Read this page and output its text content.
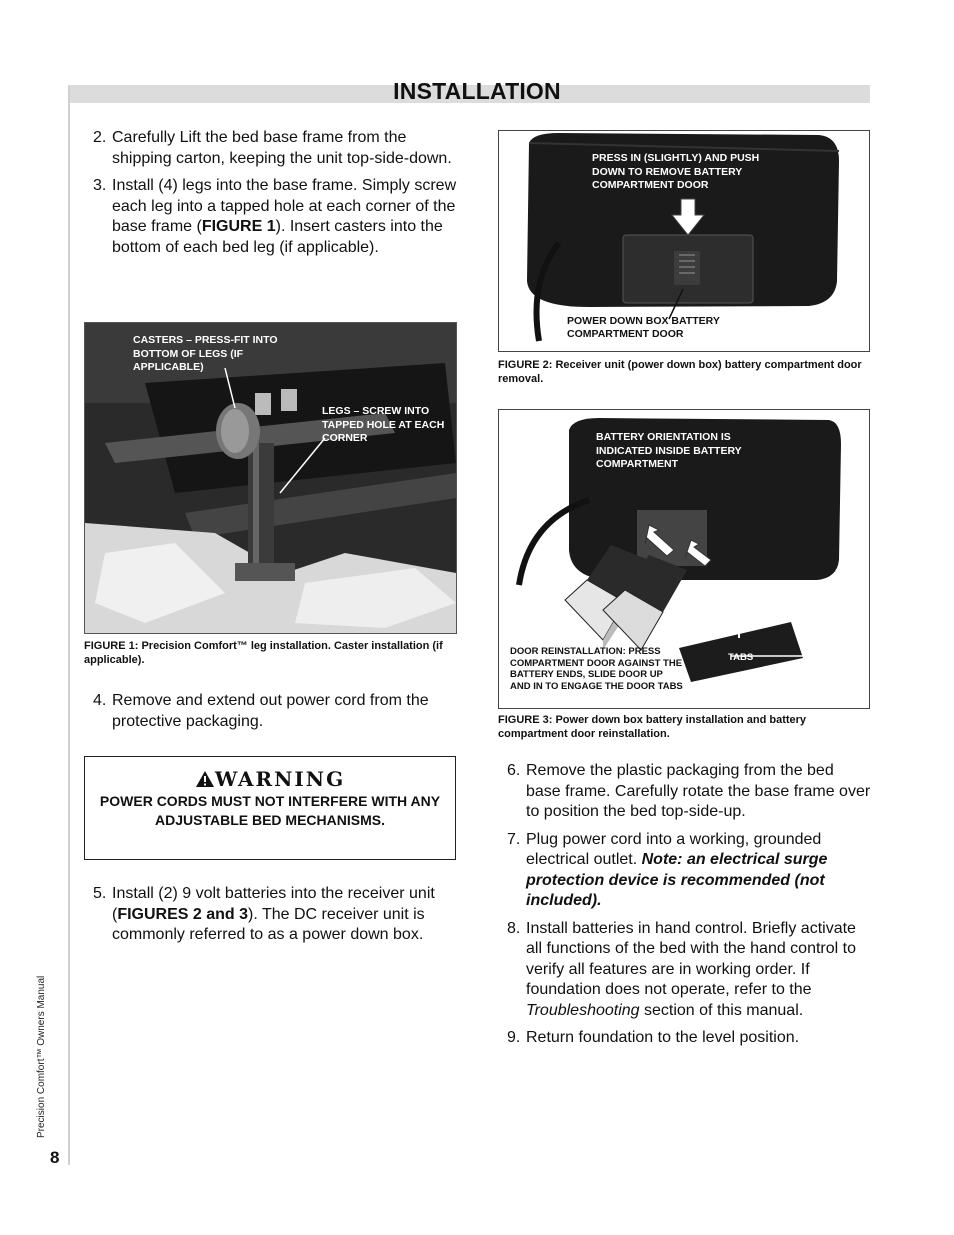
INSTALLATION
2. Carefully Lift the bed base frame from the shipping carton, keeping the unit top-side-down.
3. Install (4) legs into the base frame. Simply screw each leg into a tapped hole at each corner of the base frame (FIGURE 1). Insert casters into the bottom of each bed leg (if applicable).
CASTERS – PRESS-FIT INTO BOTTOM OF LEGS (IF APPLICABLE)
LEGS – SCREW INTO TAPPED HOLE AT EACH CORNER
FIGURE 1: Precision Comfort™ leg installation. Caster installation (if applicable).
4. Remove and extend out power cord from the protective packaging.
WARNING
POWER CORDS MUST NOT INTERFERE WITH ANY ADJUSTABLE BED MECHANISMS.
5. Install (2) 9 volt batteries into the receiver unit (FIGURES 2 and 3). The DC receiver unit is commonly referred to as a power down box.
PRESS IN (SLIGHTLY) AND PUSH DOWN TO REMOVE BATTERY COMPARTMENT DOOR
POWER DOWN BOX BATTERY COMPARTMENT DOOR
FIGURE 2: Receiver unit (power down box) battery compartment door removal.
BATTERY ORIENTATION IS INDICATED INSIDE BATTERY COMPARTMENT
DOOR REINSTALLATION: PRESS COMPARTMENT DOOR AGAINST THE BATTERY ENDS, SLIDE DOOR UP AND IN TO ENGAGE THE DOOR TABS
TABS
FIGURE 3: Power down box battery installation and battery compartment door reinstallation.
6. Remove the plastic packaging from the bed base frame. Carefully rotate the base frame over to position the bed top-side-up.
7. Plug power cord into a working, grounded electrical outlet. Note: an electrical surge protection device is recommended (not included).
8. Install batteries in hand control. Briefly activate all functions of the bed with the hand control to verify all features are in working order. If foundation does not operate, refer to the Troubleshooting section of this manual.
9. Return foundation to the level position.
Precision Comfort™ Owners Manual
8
